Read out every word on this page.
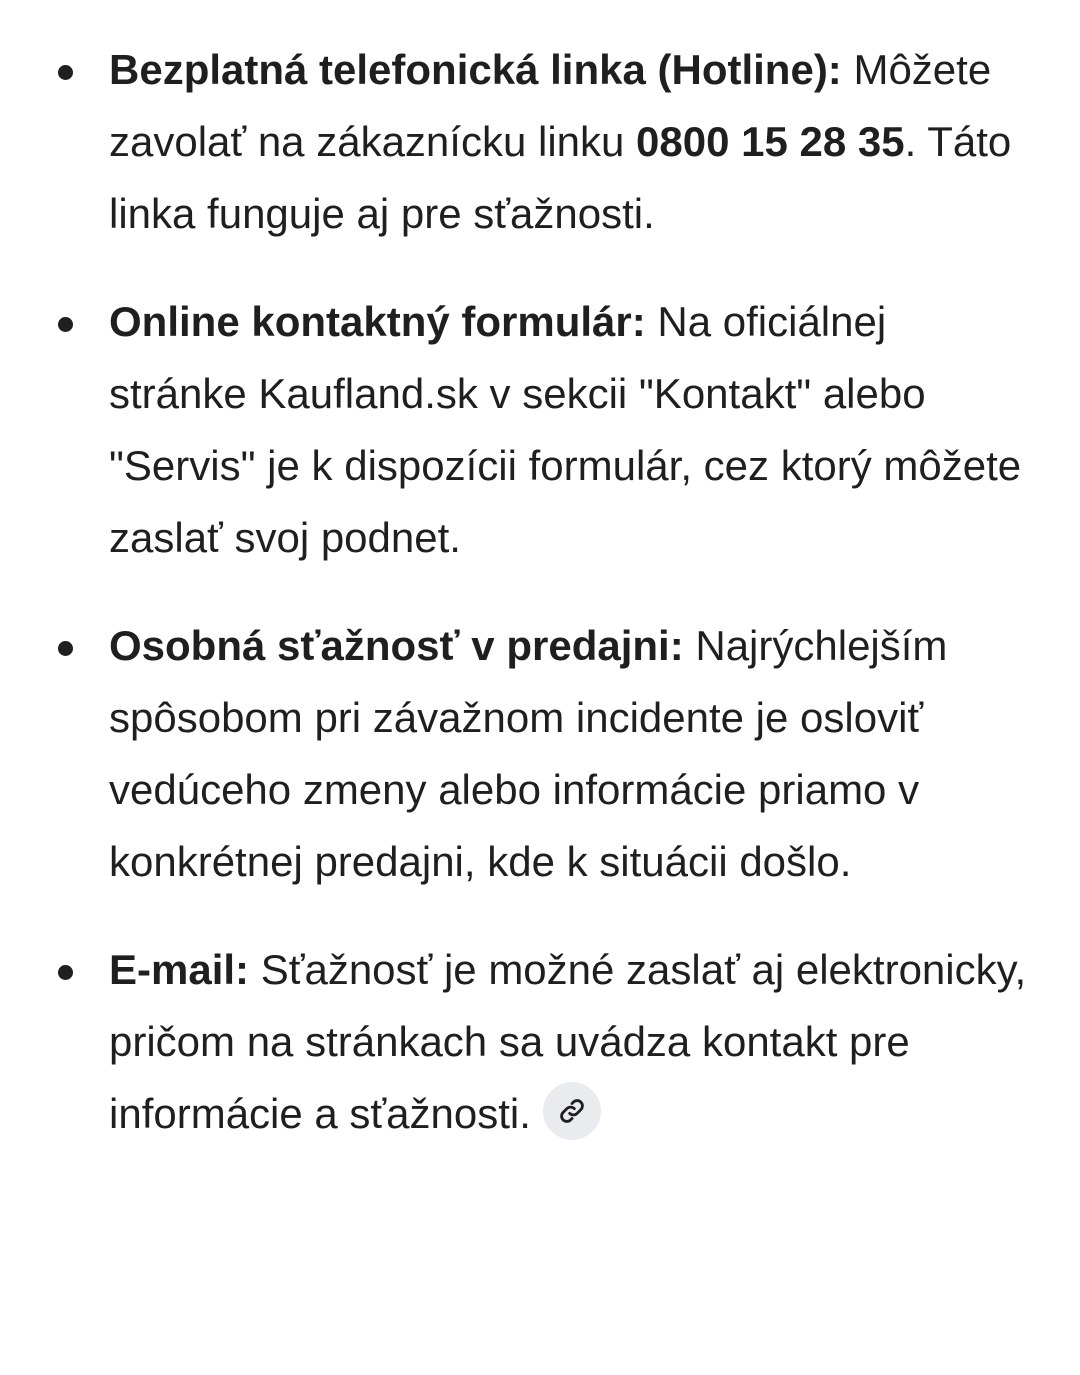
Bezplatná telefonická linka (Hotline): Môžete zavolať na zákaznícku linku 0800 15 28 35. Táto linka funguje aj pre sťažnosti.
Online kontaktný formulár: Na oficiálnej stránke Kaufland.sk v sekcii "Kontakt" alebo "Servis" je k dispozícii formulár, cez ktorý môžete zaslať svoj podnet.
Osobná sťažnosť v predajni: Najrýchlejším spôsobom pri závažnom incidente je osloviť vedúceho zmeny alebo informácie priamo v konkrétnej predajni, kde k situácii došlo.
E-mail: Sťažnosť je možné zaslať aj elektronicky, pričom na stránkach sa uvádza kontakt pre informácie a sťažnosti.
